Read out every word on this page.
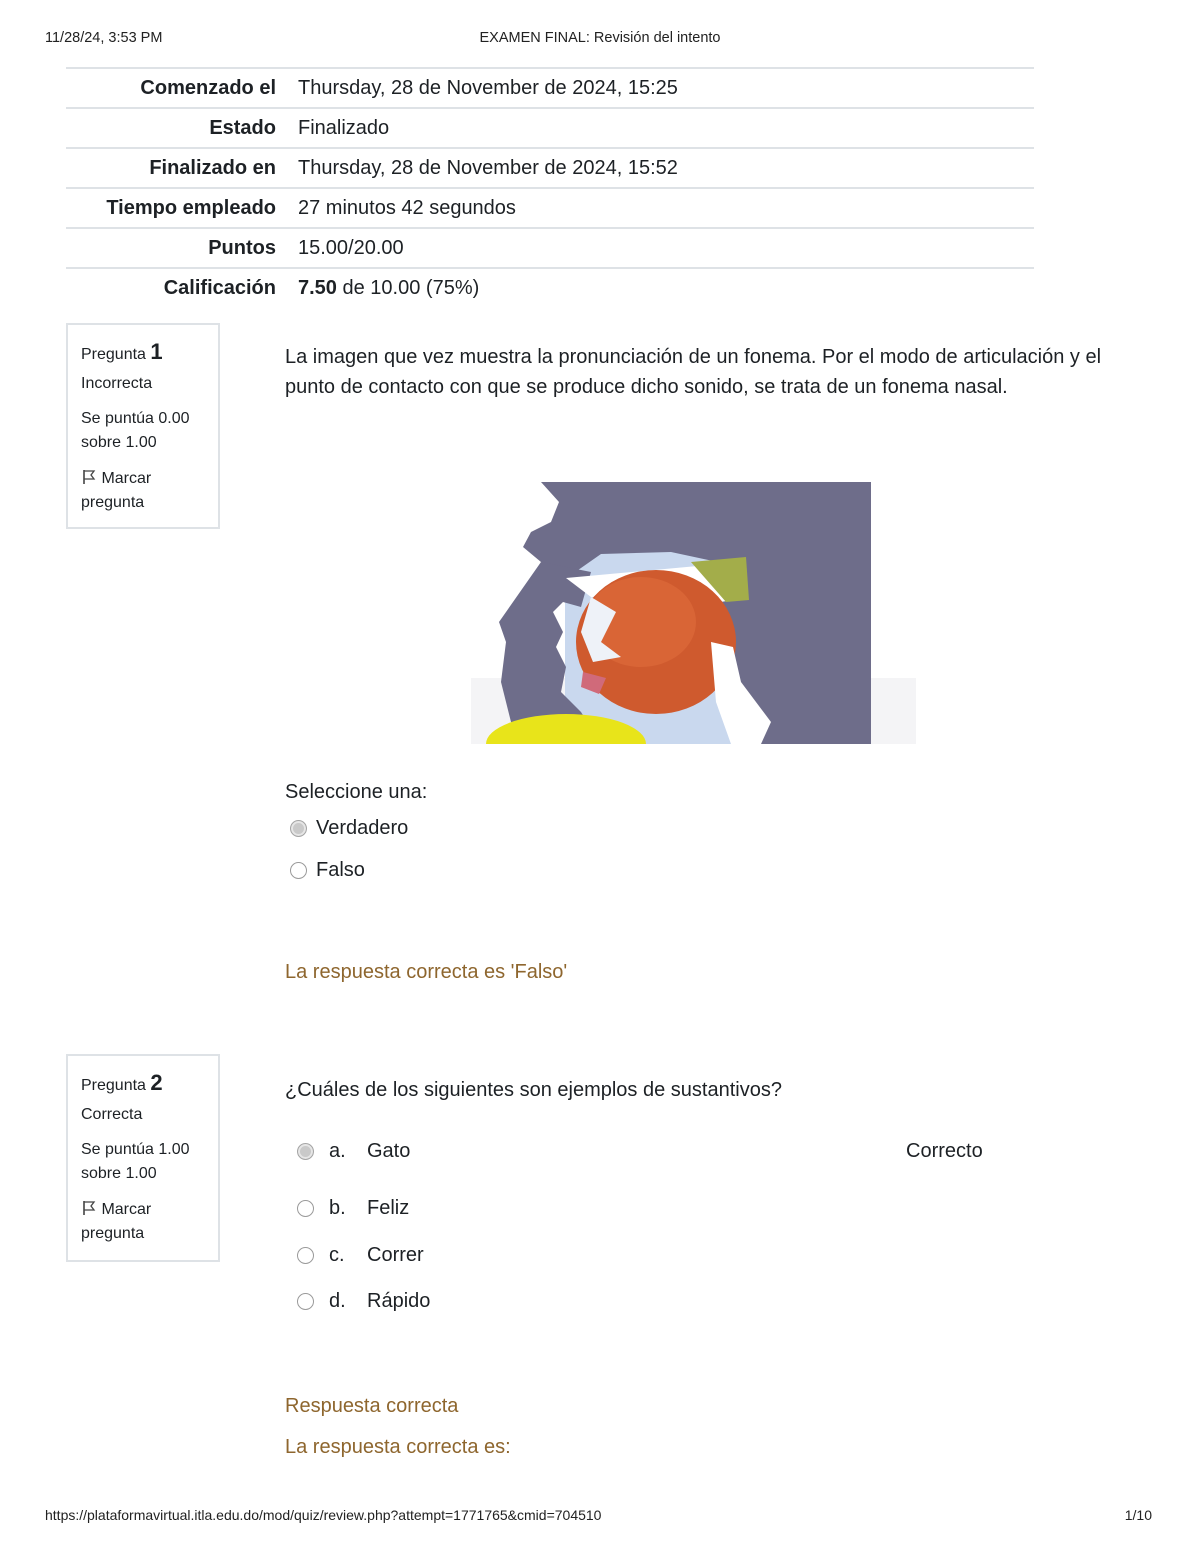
11/28/24, 3:53 PM	EXAMEN FINAL: Revisión del intento
Comenzado el	Thursday, 28 de November de 2024, 15:25
Estado	Finalizado
Finalizado en	Thursday, 28 de November de 2024, 15:52
Tiempo empleado	27 minutos 42 segundos
Puntos	15.00/20.00
Calificación	7.50 de 10.00 (75%)
Pregunta 1
Incorrecta
Se puntúa 0.00 sobre 1.00
Marcar pregunta
La imagen que vez muestra la pronunciación de un fonema. Por el modo de articulación y el punto de contacto con que se produce dicho sonido, se trata de un fonema nasal.
Seleccione una:
Verdadero
Falso
La respuesta correcta es 'Falso'
Pregunta 2
Correcta
Se puntúa 1.00 sobre 1.00
Marcar pregunta
¿Cuáles de los siguientes son ejemplos de sustantivos?
a.	Gato	Correcto
b.	Feliz
c.	Correr
d.	Rápido
Respuesta correcta
La respuesta correcta es:
https://plataformavirtual.itla.edu.do/mod/quiz/review.php?attempt=1771765&cmid=704510	1/10
